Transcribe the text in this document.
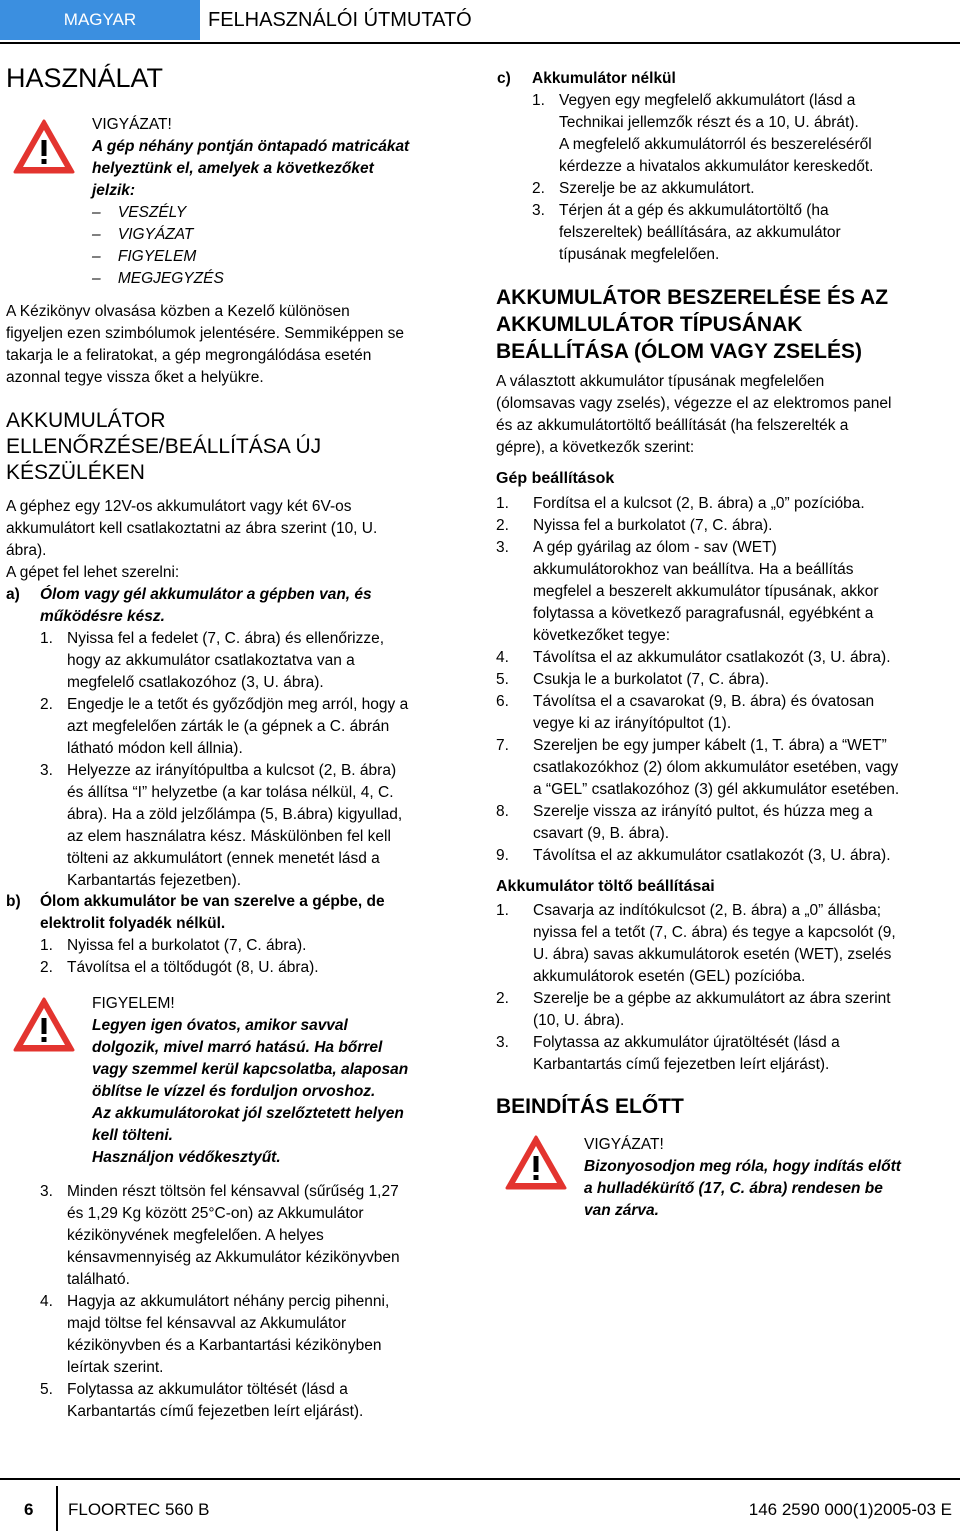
MAGYAR	FELHASZNÁLÓI ÚTMUTATÓ
HASZNÁLAT
VIGYÁZAT!
A gép néhány pontján öntapadó matricákat
helyeztünk el, amelyek a következőket
jelzik:
–    VESZÉLY
–    VIGYÁZAT
–    FIGYELEM
–    MEGJEGYZÉS
A Kézikönyv olvasása közben a Kezelő különösen
figyeljen ezen szimbólumok jelentésére. Semmiképpen se
takarja le a feliratokat, a gép megrongálódása esetén
azonnal tegye vissza őket a helyükre.
AKKUMULÁTOR
ELLENŐRZÉSE/BEÁLLÍTÁSA ÚJ
KÉSZÜLÉKEN
A géphez egy 12V-os akkumulátort vagy két 6V-os
akkumulátort kell csatlakoztatni az ábra szerint (10, U.
ábra).
A gépet fel lehet szerelni:
a) Ólom vagy gél akkumulátor a gépben van, és
működésre kész.
1. Nyissa fel a fedelet (7, C. ábra) és ellenőrizze,
hogy az akkumulátor csatlakoztatva van a
megfelelő csatlakozóhoz (3, U. ábra).
2. Engedje le a tetőt és győződjön meg arról, hogy a
azt megfelelően zárták le (a gépnek a C. ábrán
látható módon kell állnia).
3. Helyezze az irányítópultba a kulcsot (2, B. ábra)
és állítsa “I” helyzetbe (a kar tolása nélkül, 4, C.
ábra). Ha a zöld jelzőlámpa (5, B.ábra) kigyullad,
az elem használatra kész. Máskülönben fel kell
tölteni az akkumulátort (ennek menetét lásd a
Karbantartás fejezetben).
b) Ólom akkumulátor be van szerelve a gépbe, de
elektrolit folyadék nélkül.
1. Nyissa fel a burkolatot (7, C. ábra).
2. Távolítsa el a töltődugót (8, U. ábra).
FIGYELEM!
Legyen igen óvatos, amikor savval
dolgozik, mivel marró hatású. Ha bőrrel
vagy szemmel kerül kapcsolatba, alaposan
öblítse le vízzel és forduljon orvoshoz.
Az akkumulátorokat jól szelőztetett helyen
kell tölteni.
Használjon védőkesztyűt.
3. Minden részt töltsön fel kénsavval (sűrűség 1,27
és 1,29 Kg között 25°C-on) az Akkumulátor
kézikönyvének megfelelően. A helyes
kénsavmennyiség az Akkumulátor kézikönyvben
található.
4. Hagyja az akkumulátort néhány percig pihenni,
majd töltse fel kénsavval az Akkumulátor
kézikönyvben és a Karbantartási kézikönyben
leírtak szerint.
5. Folytassa az akkumulátor töltését (lásd a
Karbantartás című fejezetben leírt eljárást).
c) Akkumulátor nélkül
1. Vegyen egy megfelelő akkumulátort (lásd a
Technikai jellemzők részt és a 10, U. ábrát).
A megfelelő akkumulátorról és beszereléséről
kérdezze a hivatalos akkumulátor kereskedőt.
2. Szerelje be az akkumulátort.
3. Térjen át a gép és akkumulátortöltő (ha
felszereltek) beállítására, az akkumulátor
típusának megfelelően.
AKKUMULÁTOR BESZERELÉSE ÉS AZ
AKKUMLULÁTOR TÍPUSÁNAK
BEÁLLÍTÁSA (ÓLOM VAGY ZSELÉS)
A választott akkumulátor típusának megfelelően
(ólomsavas vagy zselés), végezze el az elektromos panel
és az akkumulátortöltő beállítását (ha felszerelték a
gépre), a következők szerint:
Gép beállítások
1. Fordítsa el a kulcsot (2, B. ábra) a „0” pozícióba.
2. Nyissa fel a burkolatot (7, C. ábra).
3. A gép gyárilag az ólom - sav (WET)
akkumulátorokhoz van beállítva. Ha a beállítás
megfelel a beszerelt akkumulátor típusának, akkor
folytassa a következő paragrafusnál, egyébként a
következőket tegye:
4. Távolítsa el az akkumulátor csatlakozót (3, U. ábra).
5. Csukja le a burkolatot (7, C. ábra).
6. Távolítsa el a csavarokat (9, B. ábra) és óvatosan
vegye ki az irányítópultot (1).
7. Szereljen be egy jumper kábelt (1, T. ábra) a “WET”
csatlakozókhoz (2) ólom akkumulátor esetében, vagy
a “GEL” csatlakozóhoz (3) gél akkumulátor esetében.
8. Szerelje vissza az irányító pultot, és húzza meg a
csavart (9, B. ábra).
9. Távolítsa el az akkumulátor csatlakozót (3, U. ábra).
Akkumulátor töltő beállításai
1. Csavarja az indítókulcsot (2, B. ábra) a „0” állásba;
nyissa fel a tetőt (7, C. ábra) és tegye a kapcsolót (9,
U. ábra) savas akkumulátorok esetén (WET), zselés
akkumulátorok esetén (GEL) pozícióba.
2. Szerelje be a gépbe az akkumulátort az ábra szerint
(10, U. ábra).
3. Folytassa az akkumulátor újratöltését (lásd a
Karbantartás című fejezetben leírt eljárást).
BEINDÍTÁS ELŐTT
VIGYÁZAT!
Bizonyosodjon meg róla, hogy indítás előtt
a hulladékürítő (17, C. ábra) rendesen be
van zárva.
6 FLOORTEC 560 B	146 2590 000(1)2005-03 E
